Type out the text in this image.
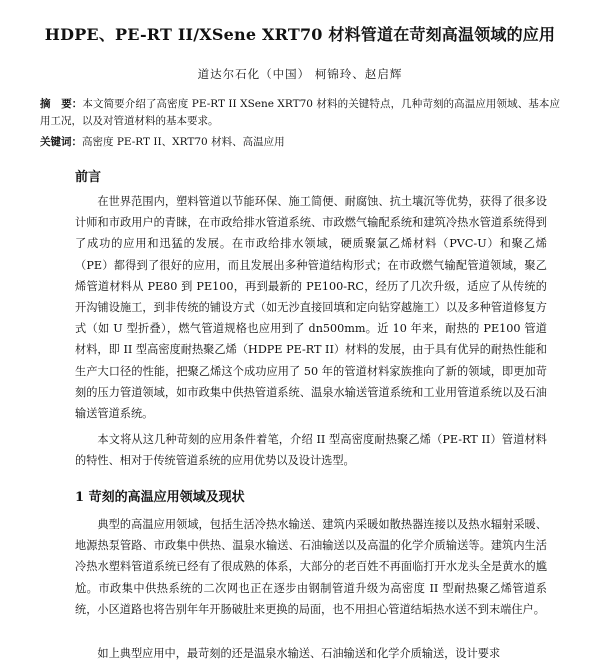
HDPE、PE-RT II/XSene XRT70 材料管道在苛刻高温领域的应用
道达尔石化（中国） 柯锦玲、赵启辉
摘　要：本文简要介绍了高密度 PE-RT II XSene XRT70 材料的关键特点，几种苛刻的高温应用领域、基本应用工况，以及对管道材料的基本要求。
关键词：高密度 PE-RT II、XRT70 材料、高温应用
前言
在世界范围内，塑料管道以节能环保、施工简便、耐腐蚀、抗土壤沉等优势，获得了很多设计师和市政用户的青睐，在市政给排水管道系统、市政燃气输配系统和建筑冷热水管道系统得到了成功的应用和迅猛的发展。在市政给排水领域，硬质聚氯乙烯材料（PVC-U）和聚乙烯（PE）都得到了很好的应用，而且发展出多种管道结构形式；在市政燃气输配管道领域，聚乙烯管道材料从 PE80 到 PE100，再到最新的 PE100-RC，经历了几次升级，适应了从传统的开沟铺设施工，到非传统的铺设方式（如无沙直接回填和定向钻穿越施工）以及多种管道修复方式（如 U 型折叠），燃气管道规格也应用到了 dn500mm。近 10 年来，耐热的 PE100 管道材料，即 II 型高密度耐热聚乙烯（HDPE PE-RT II）材料的发展，由于具有优异的耐热性能和生产大口径的性能，把聚乙烯这个成功应用了 50 年的管道材料家族推向了新的领域，即更加苛刻的压力管道领域，如市政集中供热管道系统、温泉水输送管道系统和工业用管道系统以及石油输送管道系统。
本文将从这几种苛刻的应用条件着笔，介绍 II 型高密度耐热聚乙烯（PE-RT II）管道材料的特性、相对于传统管道系统的应用优势以及设计选型。
1 苛刻的高温应用领域及现状
典型的高温应用领域，包括生活冷热水输送、建筑内采暖如散热器连接以及热水辐射采暖、地源热泵管路、市政集中供热、温泉水输送、石油输送以及高温的化学介质输送等。建筑内生活冷热水塑料管道系统已经有了很成熟的体系，大部分的老百姓不再面临打开水龙头全是黄水的尴尬。市政集中供热系统的二次网也正在逐步由钢制管道升级为高密度 II 型耐热聚乙烯管道系统，小区道路也将告别年年开肠破肚来更换的局面，也不用担心管道结垢热水送不到末端住户。
如上典型应用中，最苛刻的还是温泉水输送、石油输送和化学介质输送，设计要求
